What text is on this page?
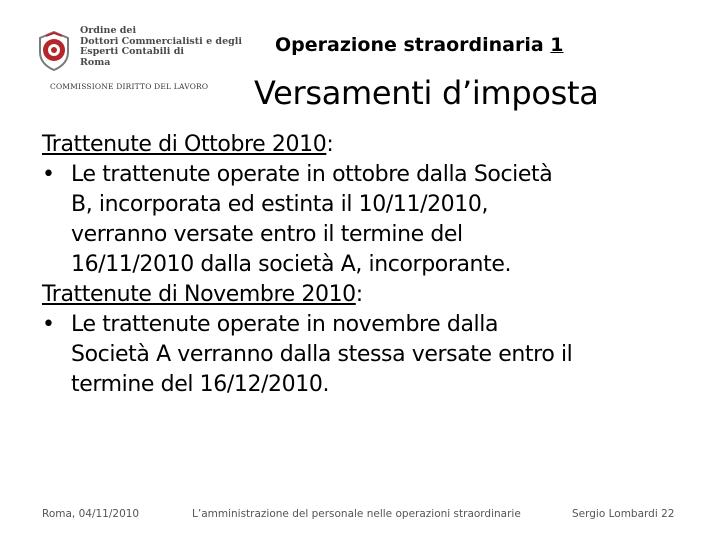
Ordine dei
Dottori Commercialisti e degli
Esperti Contabili di
Roma
COMMISSIONE DIRITTO DEL LAVORO
Operazione straordinaria 1
Versamenti d’imposta
Trattenute di Ottobre 2010:
• Le trattenute operate in ottobre dalla Società
B, incorporata ed estinta il 10/11/2010,
verranno versate entro il termine del
16/11/2010 dalla società A, incorporante.
Trattenute di Novembre 2010:
• Le trattenute operate in novembre dalla
Società A verranno dalla stessa versate entro il
termine del 16/12/2010.
Roma, 04/11/2010	L’amministrazione del personale nelle operazioni straordinarie	Sergio Lombardi 22
